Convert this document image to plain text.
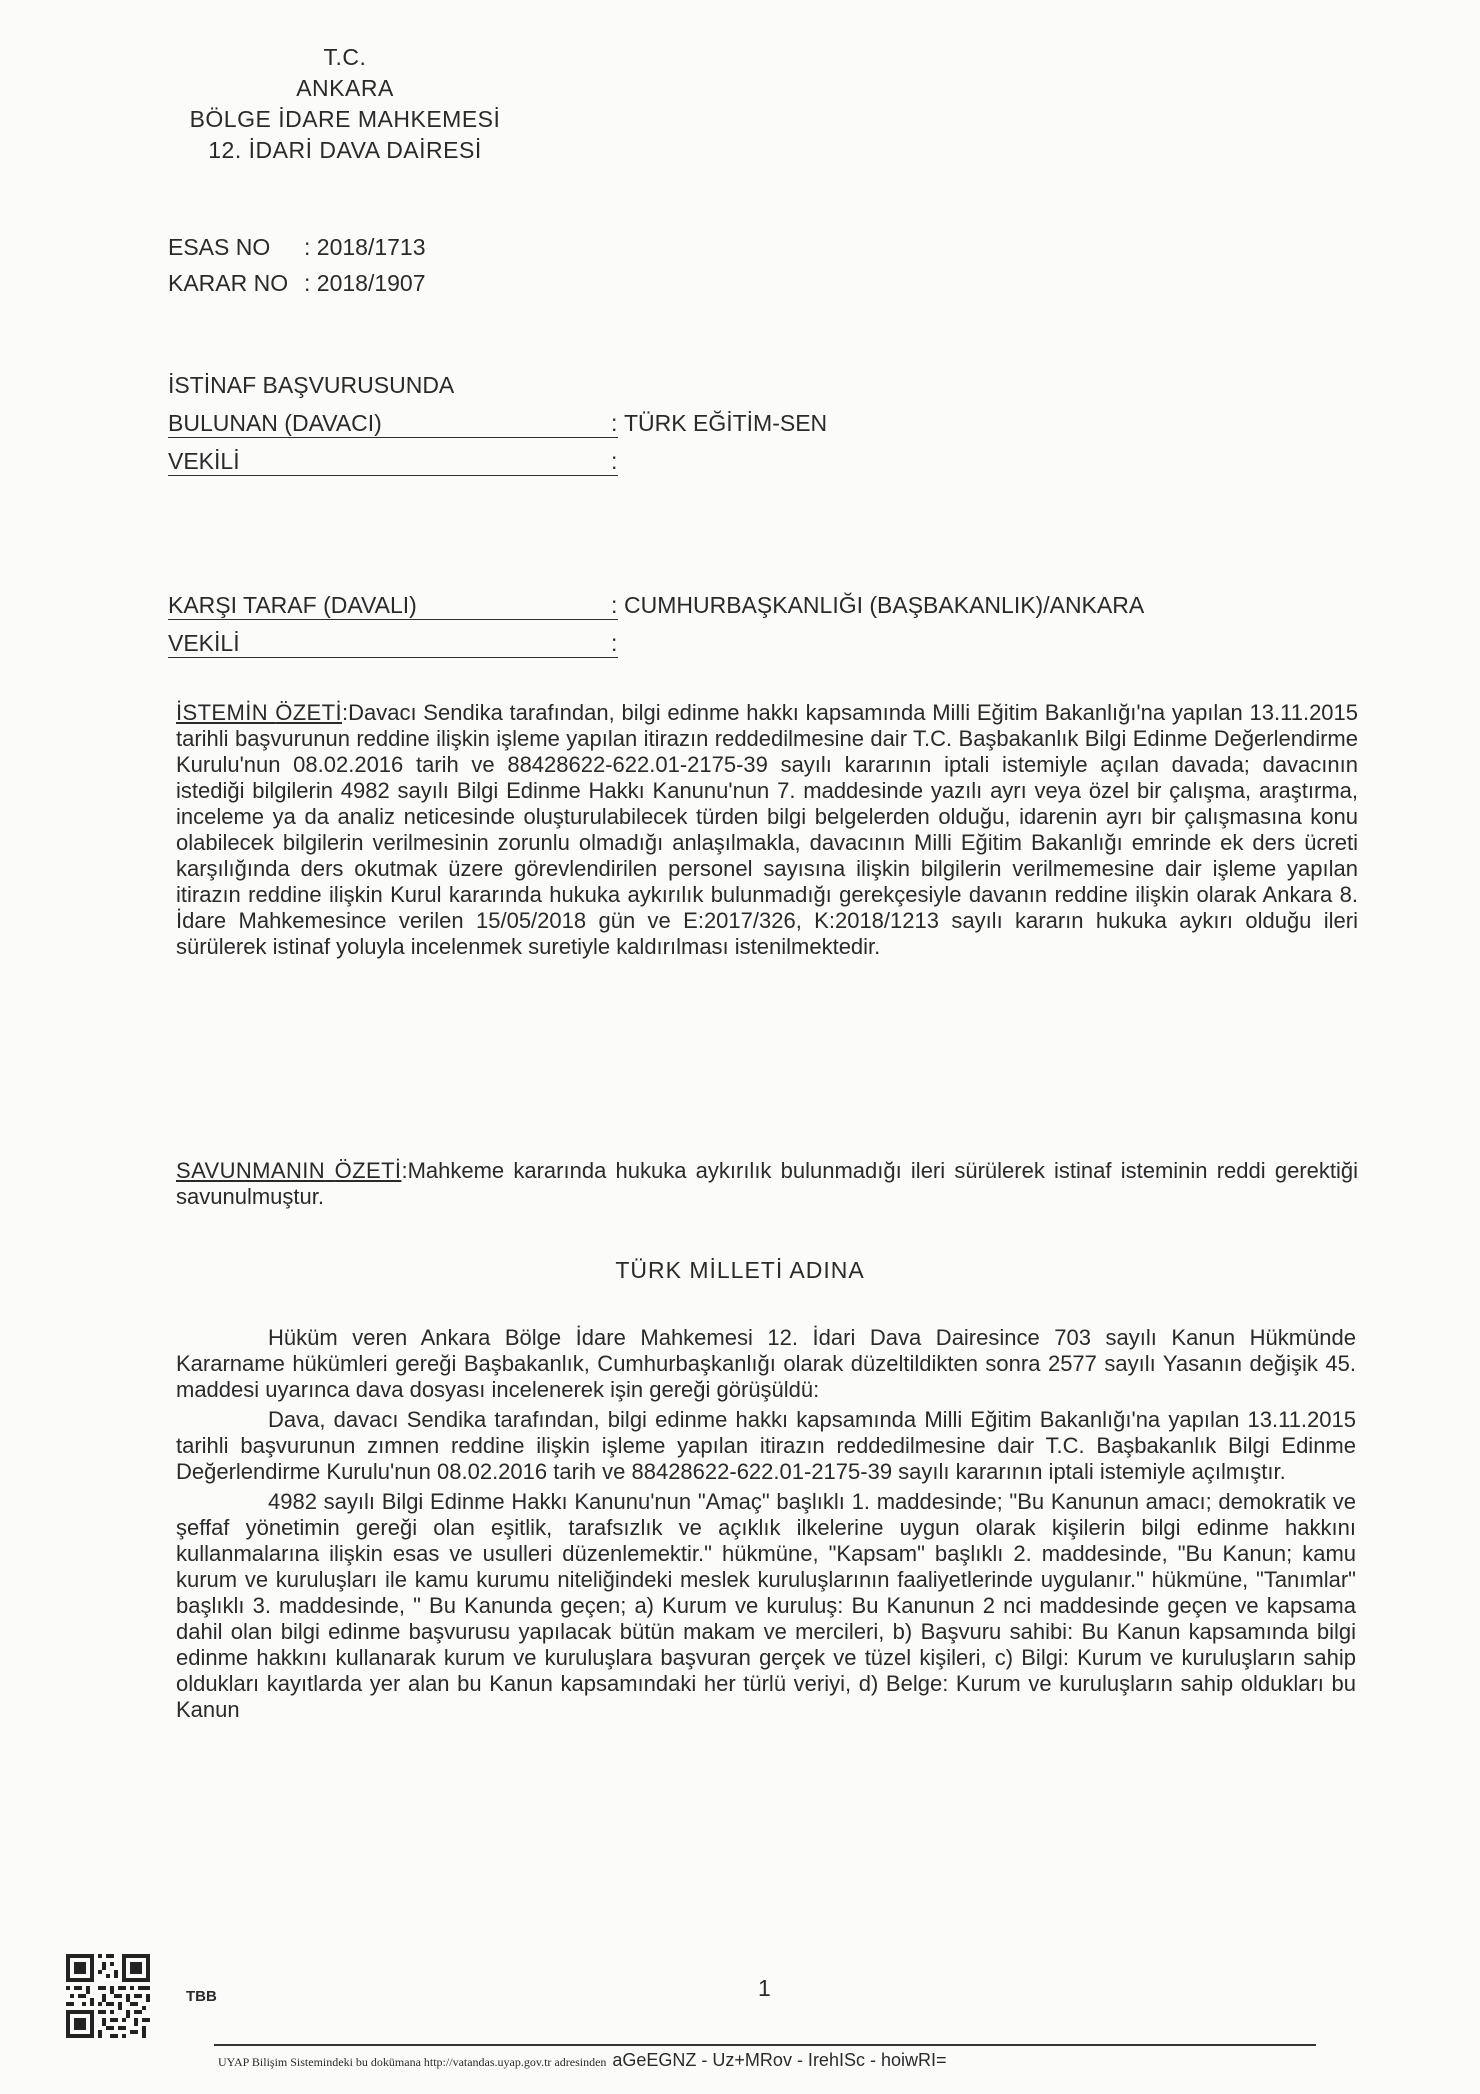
T.C.
ANKARA
BÖLGE İDARE MAHKEMESİ
12. İDARİ DAVA DAİRESİ
ESAS NO : 2018/1713
KARAR NO : 2018/1907
İSTİNAF BAŞVURUSUNDA
BULUNAN (DAVACI)	: TÜRK EĞİTİM-SEN
VEKİLİ	:
KARŞI TARAF (DAVALI)	: CUMHURBAŞKANLIĞI (BAŞBAKANLIK)/ANKARA
VEKİLİ	:
İSTEMİN ÖZETİ:Davacı Sendika tarafından, bilgi edinme hakkı kapsamında Milli Eğitim Bakanlığı'na yapılan 13.11.2015 tarihli başvurunun reddine ilişkin işleme yapılan itirazın reddedilmesine dair T.C. Başbakanlık Bilgi Edinme Değerlendirme Kurulu'nun 08.02.2016 tarih ve 88428622-622.01-2175-39 sayılı kararının iptali istemiyle açılan davada; davacının istediği bilgilerin 4982 sayılı Bilgi Edinme Hakkı Kanunu'nun 7. maddesinde yazılı ayrı veya özel bir çalışma, araştırma, inceleme ya da analiz neticesinde oluşturulabilecek türden bilgi belgelerden olduğu, idarenin ayrı bir çalışmasına konu olabilecek bilgilerin verilmesinin zorunlu olmadığı anlaşılmakla, davacının Milli Eğitim Bakanlığı emrinde ek ders ücreti karşılığında ders okutmak üzere görevlendirilen personel sayısına ilişkin bilgilerin verilmemesine dair işleme yapılan itirazın reddine ilişkin Kurul kararında hukuka aykırılık bulunmadığı gerekçesiyle davanın reddine ilişkin olarak Ankara 8. İdare Mahkemesince verilen 15/05/2018 gün ve E:2017/326, K:2018/1213 sayılı kararın hukuka aykırı olduğu ileri sürülerek istinaf yoluyla incelenmek suretiyle kaldırılması istenilmektedir.
SAVUNMANIN ÖZETİ:Mahkeme kararında hukuka aykırılık bulunmadığı ileri sürülerek istinaf isteminin reddi gerektiği savunulmuştur.
TÜRK MİLLETİ ADINA

Hüküm veren Ankara Bölge İdare Mahkemesi 12. İdari Dava Dairesince 703 sayılı Kanun Hükmünde Kararname hükümleri gereği Başbakanlık, Cumhurbaşkanlığı olarak düzeltildikten sonra 2577 sayılı Yasanın değişik 45. maddesi uyarınca dava dosyası incelenerek işin gereği görüşüldü:

Dava, davacı Sendika tarafından, bilgi edinme hakkı kapsamında Milli Eğitim Bakanlığı'na yapılan 13.11.2015 tarihli başvurunun zımnen reddine ilişkin işleme yapılan itirazın reddedilmesine dair T.C. Başbakanlık Bilgi Edinme Değerlendirme Kurulu'nun 08.02.2016 tarih ve 88428622-622.01-2175-39 sayılı kararının iptali istemiyle açılmıştır.

4982 sayılı Bilgi Edinme Hakkı Kanunu'nun "Amaç" başlıklı 1. maddesinde; "Bu Kanunun amacı; demokratik ve şeffaf yönetimin gereği olan eşitlik, tarafsızlık ve açıklık ilkelerine uygun olarak kişilerin bilgi edinme hakkını kullanmalarına ilişkin esas ve usulleri düzenlemektir." hükmüne, "Kapsam" başlıklı 2. maddesinde, "Bu Kanun; kamu kurum ve kuruluşları ile kamu kurumu niteliğindeki meslek kuruluşlarının faaliyetlerinde uygulanır." hükmüne, "Tanımlar" başlıklı 3. maddesinde, " Bu Kanunda geçen; a) Kurum ve kuruluş: Bu Kanunun 2 nci maddesinde geçen ve kapsama dahil olan bilgi edinme başvurusu yapılacak bütün makam ve mercileri, b) Başvuru sahibi: Bu Kanun kapsamında bilgi edinme hakkını kullanarak kurum ve kuruluşlara başvuran gerçek ve tüzel kişileri, c) Bilgi: Kurum ve kuruluşların sahip oldukları kayıtlarda yer alan bu Kanun kapsamındaki her türlü veriyi, d) Belge: Kurum ve kuruluşların sahip oldukları bu Kanun

TBB	1
UYAP Bilişim Sistemindeki bu dokümana http://vatandas.uyap.gov.tr adresinden aGeEGNZ - Uz+MRov - IrehISc - hoiwRI=
